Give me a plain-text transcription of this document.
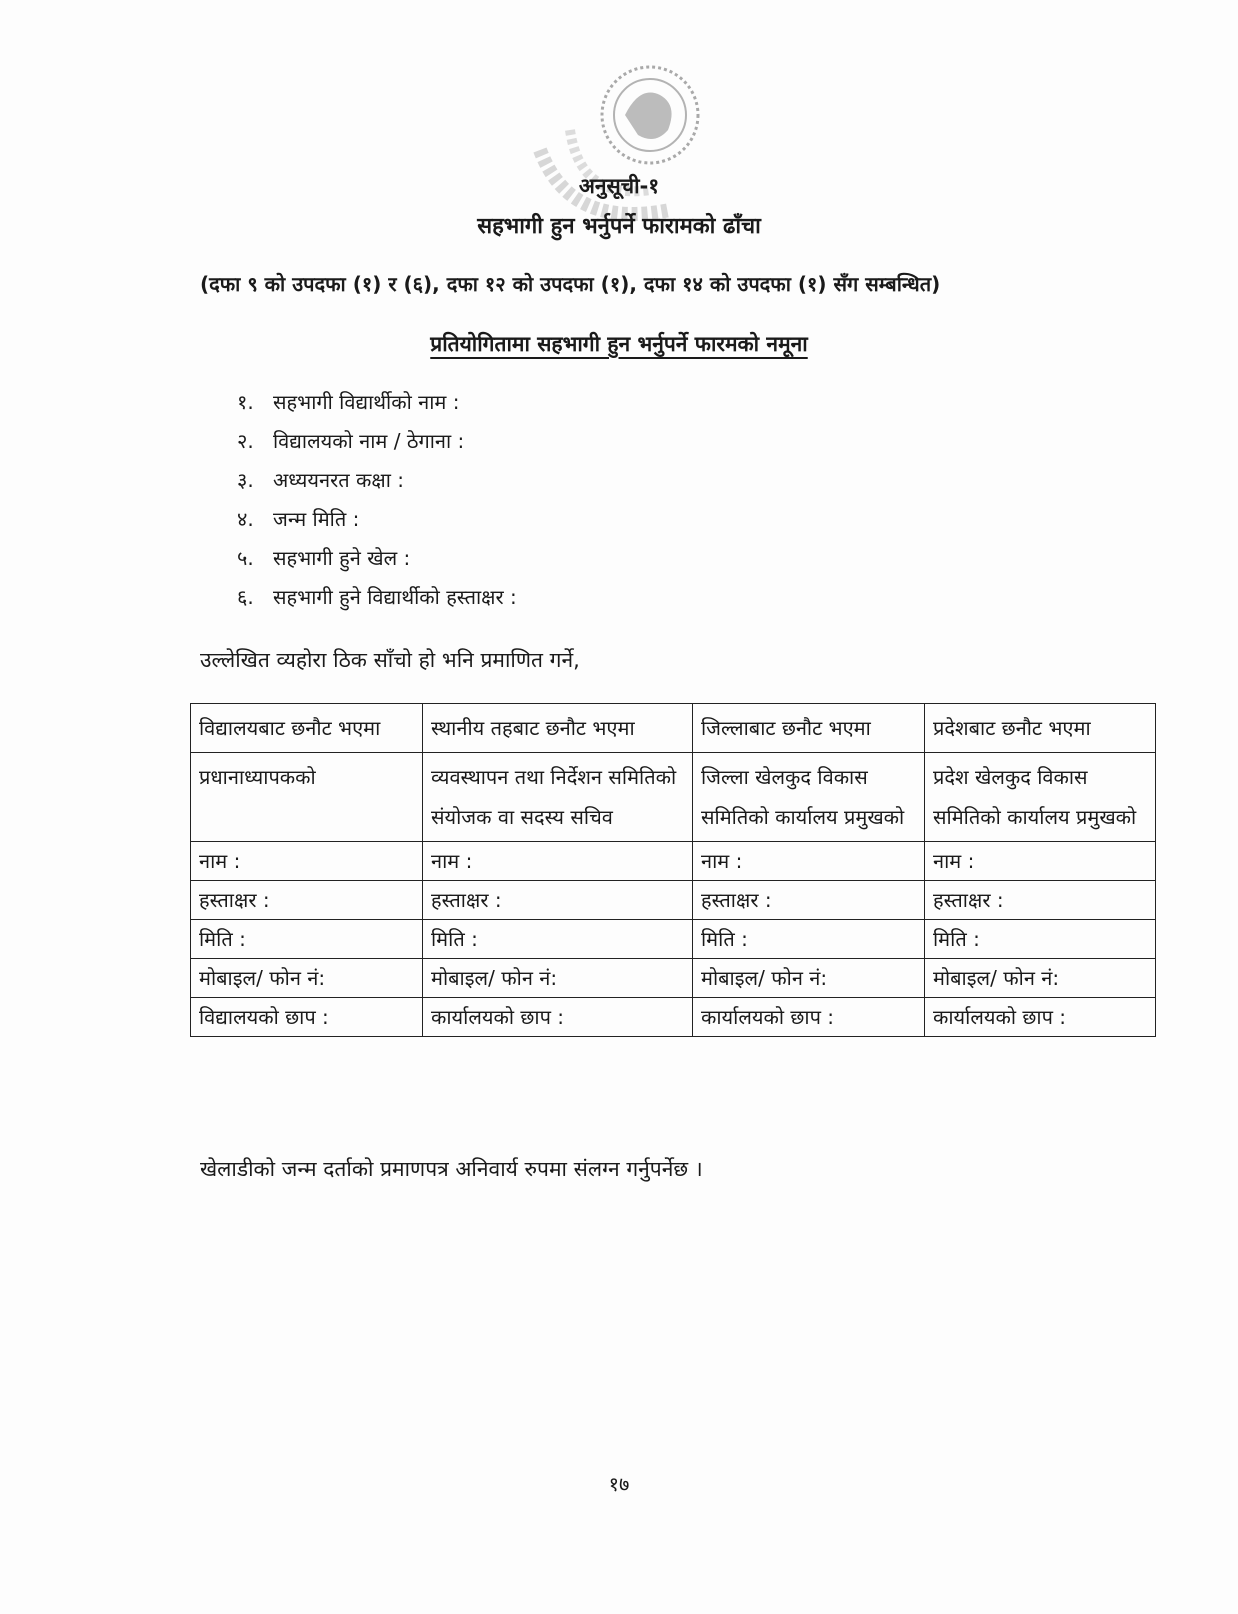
अनुसूची-१
सहभागी हुन भर्नुपर्ने फारामको ढाँचा
(दफा ९ को उपदफा (१) र (६), दफा १२ को उपदफा (१), दफा १४ को उपदफा (१) सँग सम्बन्धित)
प्रतियोगितामा सहभागी हुन भर्नुपर्ने फारमको नमूना
१. सहभागी विद्यार्थीको नाम :
२. विद्यालयको नाम / ठेगाना :
३. अध्ययनरत कक्षा :
४. जन्म मिति :
५. सहभागी हुने खेल :
६. सहभागी हुने विद्यार्थीको हस्ताक्षर :
उल्लेखित व्यहोरा ठिक साँचो हो भनि प्रमाणित गर्ने,
विद्यालयबाट छनौट भएमा	स्थानीय तहबाट छनौट भएमा	जिल्लाबाट छनौट भएमा	प्रदेशबाट छनौट भएमा
प्रधानाध्यापकको	व्यवस्थापन तथा निर्देशन समितिको संयोजक वा सदस्य सचिव	जिल्ला खेलकुद विकास समितिको कार्यालय प्रमुखको	प्रदेश खेलकुद विकास समितिको कार्यालय प्रमुखको
नाम :	नाम :	नाम :	नाम :
हस्ताक्षर :	हस्ताक्षर :	हस्ताक्षर :	हस्ताक्षर :
मिति :	मिति :	मिति :	मिति :
मोबाइल/ फोन नं:	मोबाइल/ फोन नं:	मोबाइल/ फोन नं:	मोबाइल/ फोन नं:
विद्यालयको छाप :	कार्यालयको छाप :	कार्यालयको छाप :	कार्यालयको छाप :
खेलाडीको जन्म दर्ताको प्रमाणपत्र अनिवार्य रुपमा संलग्न गर्नुपर्नेछ ।
१७
